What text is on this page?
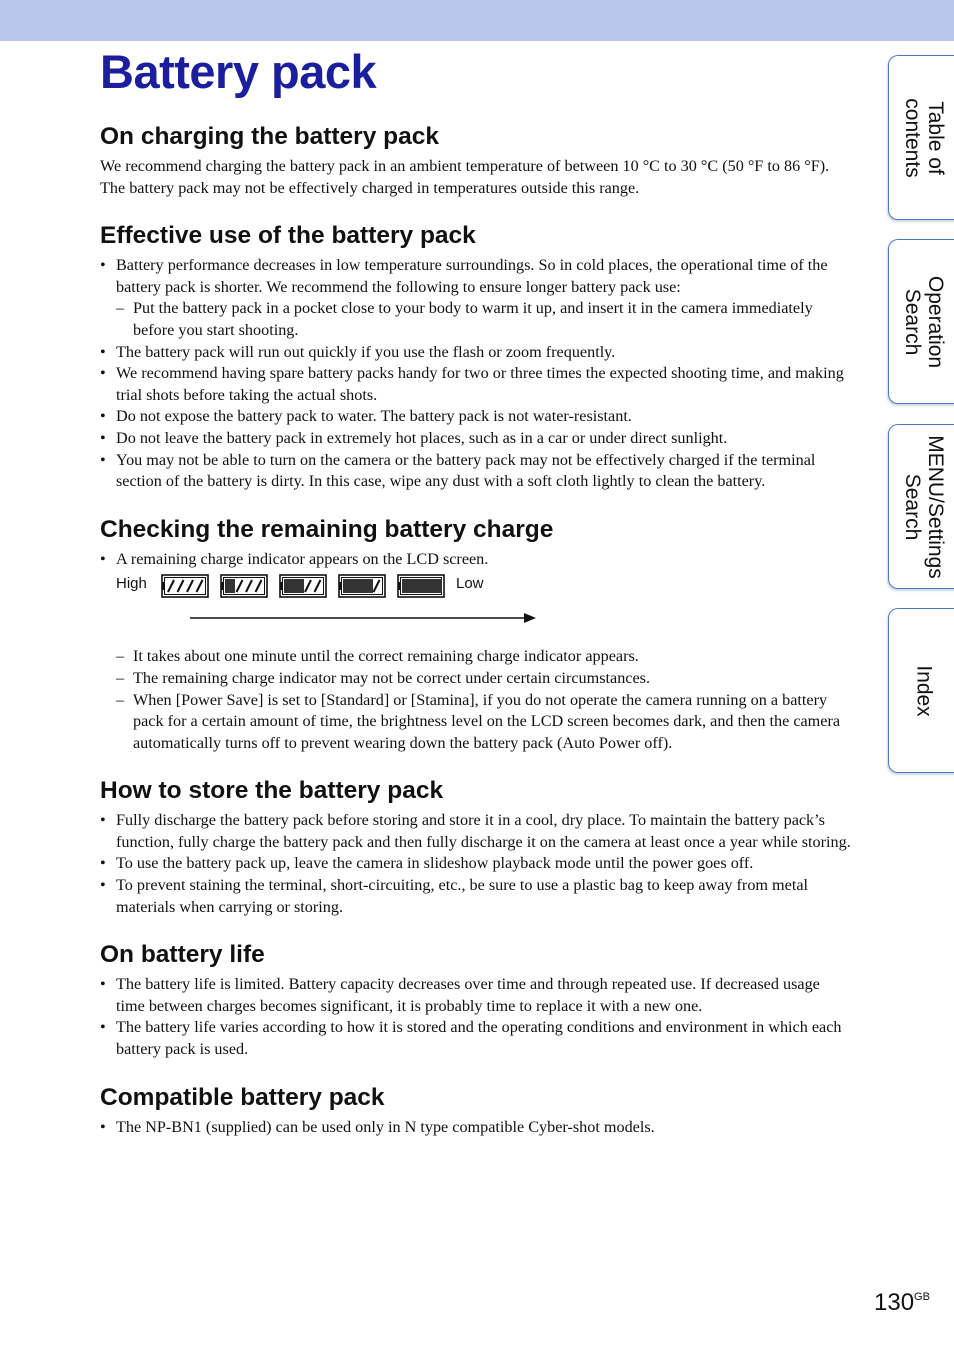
Battery pack
On charging the battery pack

We recommend charging the battery pack in an ambient temperature of between 10 °C to 30 °C (50 °F to 86 °F). The battery pack may not be effectively charged in temperatures outside this range.

Effective use of the battery pack
• Battery performance decreases in low temperature surroundings. So in cold places, the operational time of the battery pack is shorter. We recommend the following to ensure longer battery pack use:
– Put the battery pack in a pocket close to your body to warm it up, and insert it in the camera immediately before you start shooting.
• The battery pack will run out quickly if you use the flash or zoom frequently.
• We recommend having spare battery packs handy for two or three times the expected shooting time, and making trial shots before taking the actual shots.
• Do not expose the battery pack to water. The battery pack is not water-resistant.
• Do not leave the battery pack in extremely hot places, such as in a car or under direct sunlight.
• You may not be able to turn on the camera or the battery pack may not be effectively charged if the terminal section of the battery is dirty. In this case, wipe any dust with a soft cloth lightly to clean the battery.
Checking the remaining battery charge
• A remaining charge indicator appears on the LCD screen.
High	Low
– It takes about one minute until the correct remaining charge indicator appears.
– The remaining charge indicator may not be correct under certain circumstances.
– When [Power Save] is set to [Standard] or [Stamina], if you do not operate the camera running on a battery pack for a certain amount of time, the brightness level on the LCD screen becomes dark, and then the camera automatically turns off to prevent wearing down the battery pack (Auto Power off).
How to store the battery pack
• Fully discharge the battery pack before storing and store it in a cool, dry place. To maintain the battery pack’s function, fully charge the battery pack and then fully discharge it on the camera at least once a year while storing.
• To use the battery pack up, leave the camera in slideshow playback mode until the power goes off.
• To prevent staining the terminal, short-circuiting, etc., be sure to use a plastic bag to keep away from metal materials when carrying or storing.
On battery life
• The battery life is limited. Battery capacity decreases over time and through repeated use. If decreased usage time between charges becomes significant, it is probably time to replace it with a new one.
• The battery life varies according to how it is stored and the operating conditions and environment in which each battery pack is used.
Compatible battery pack
• The NP-BN1 (supplied) can be used only in N type compatible Cyber-shot models.
Table of
contents
Operation
Search
MENU/Settings
Search
Index
$130^{GB}$
